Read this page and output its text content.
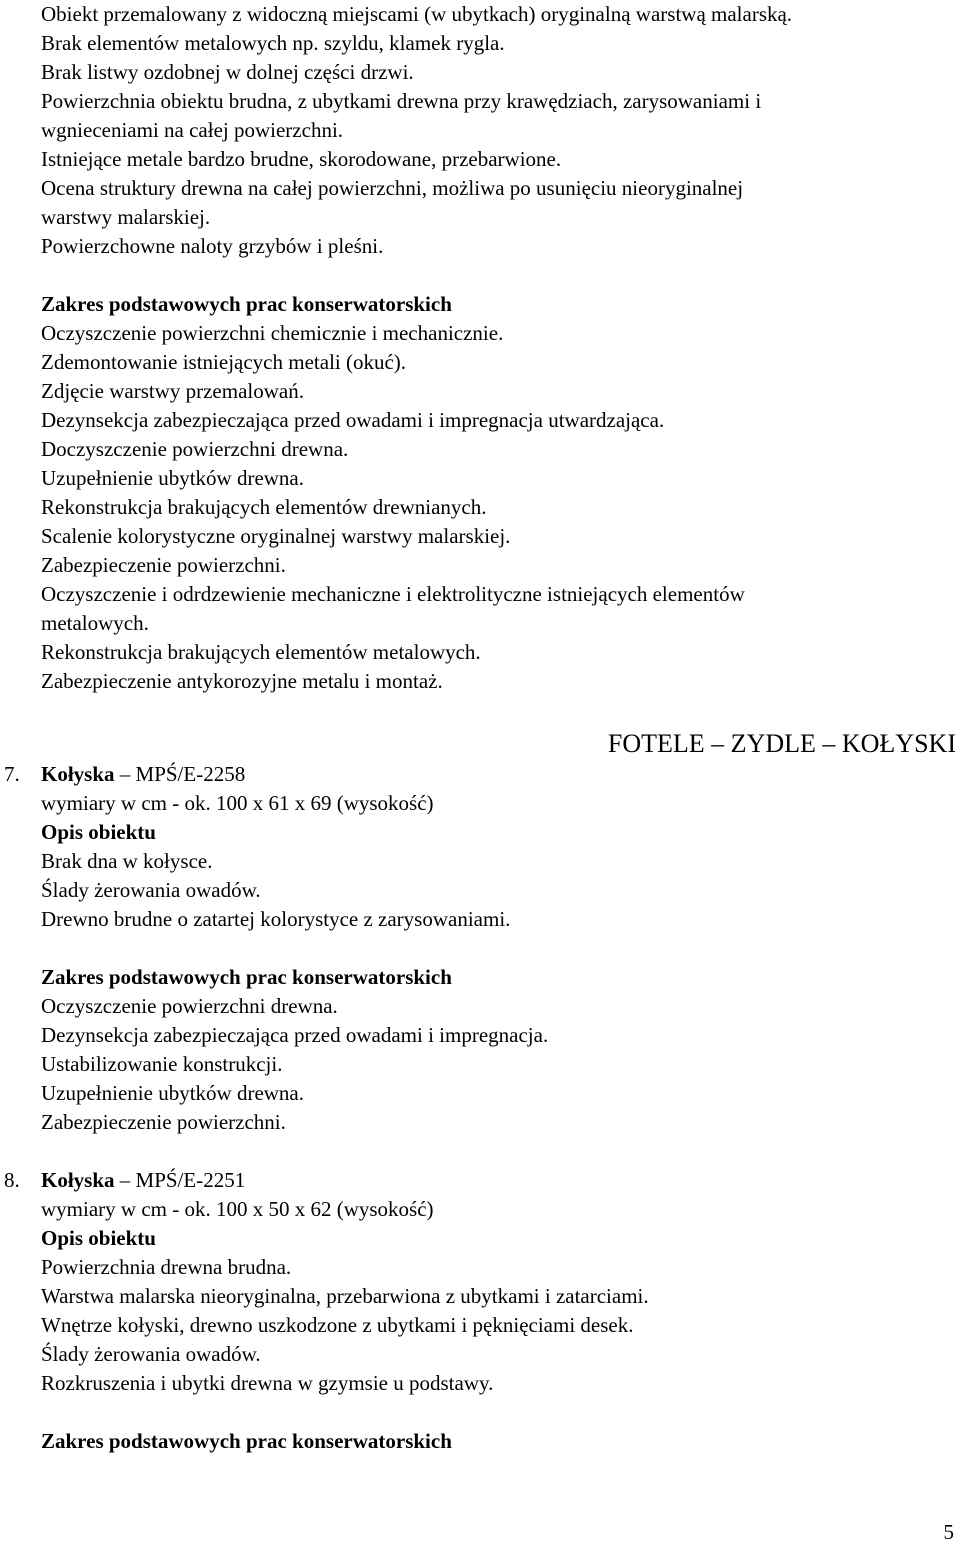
Obiekt przemalowany z widoczną miejscami (w ubytkach) oryginalną warstwą malarską.
Brak elementów metalowych np. szyldu, klamek rygla.
Brak listwy ozdobnej w dolnej części drzwi.
Powierzchnia obiektu brudna, z ubytkami drewna przy krawędziach, zarysowaniami i
wgnieceniami na całej powierzchni.
Istniejące metale bardzo brudne, skorodowane, przebarwione.
Ocena struktury drewna na całej powierzchni, możliwa po usunięciu nieoryginalnej
warstwy malarskiej.
Powierzchowne naloty grzybów i pleśni.
Zakres podstawowych prac konserwatorskich
Oczyszczenie powierzchni chemicznie i mechanicznie.
Zdemontowanie istniejących metali (okuć).
Zdjęcie warstwy przemalowań.
Dezynsekcja zabezpieczająca przed owadami i impregnacja utwardzająca.
Doczyszczenie powierzchni drewna.
Uzupełnienie ubytków drewna.
Rekonstrukcja brakujących elementów drewnianych.
Scalenie kolorystyczne oryginalnej warstwy malarskiej.
Zabezpieczenie powierzchni.
Oczyszczenie i odrdzewienie mechaniczne i elektrolityczne istniejących elementów
metalowych.
Rekonstrukcja brakujących elementów metalowych.
Zabezpieczenie antykorozyjne metalu i montaż.
FOTELE – ZYDLE – KOŁYSKI
7. Kołyska – MPŚ/E-2258
wymiary w cm - ok. 100 x 61 x 69 (wysokość)
Opis obiektu
Brak dna w kołysce.
Ślady żerowania owadów.
Drewno brudne o zatartej kolorystyce z zarysowaniami.
Zakres podstawowych prac konserwatorskich
Oczyszczenie powierzchni drewna.
Dezynsekcja zabezpieczająca przed owadami i impregnacja.
Ustabilizowanie konstrukcji.
Uzupełnienie ubytków drewna.
Zabezpieczenie powierzchni.
8. Kołyska – MPŚ/E-2251
wymiary w cm - ok. 100 x 50 x 62 (wysokość)
Opis obiektu
Powierzchnia drewna brudna.
Warstwa malarska nieoryginalna, przebarwiona z ubytkami i zatarciami.
Wnętrze kołyski, drewno uszkodzone z ubytkami i pęknięciami desek.
Ślady żerowania owadów.
Rozkruszenia i ubytki drewna w gzymsie u podstawy.
Zakres podstawowych prac konserwatorskich
5
